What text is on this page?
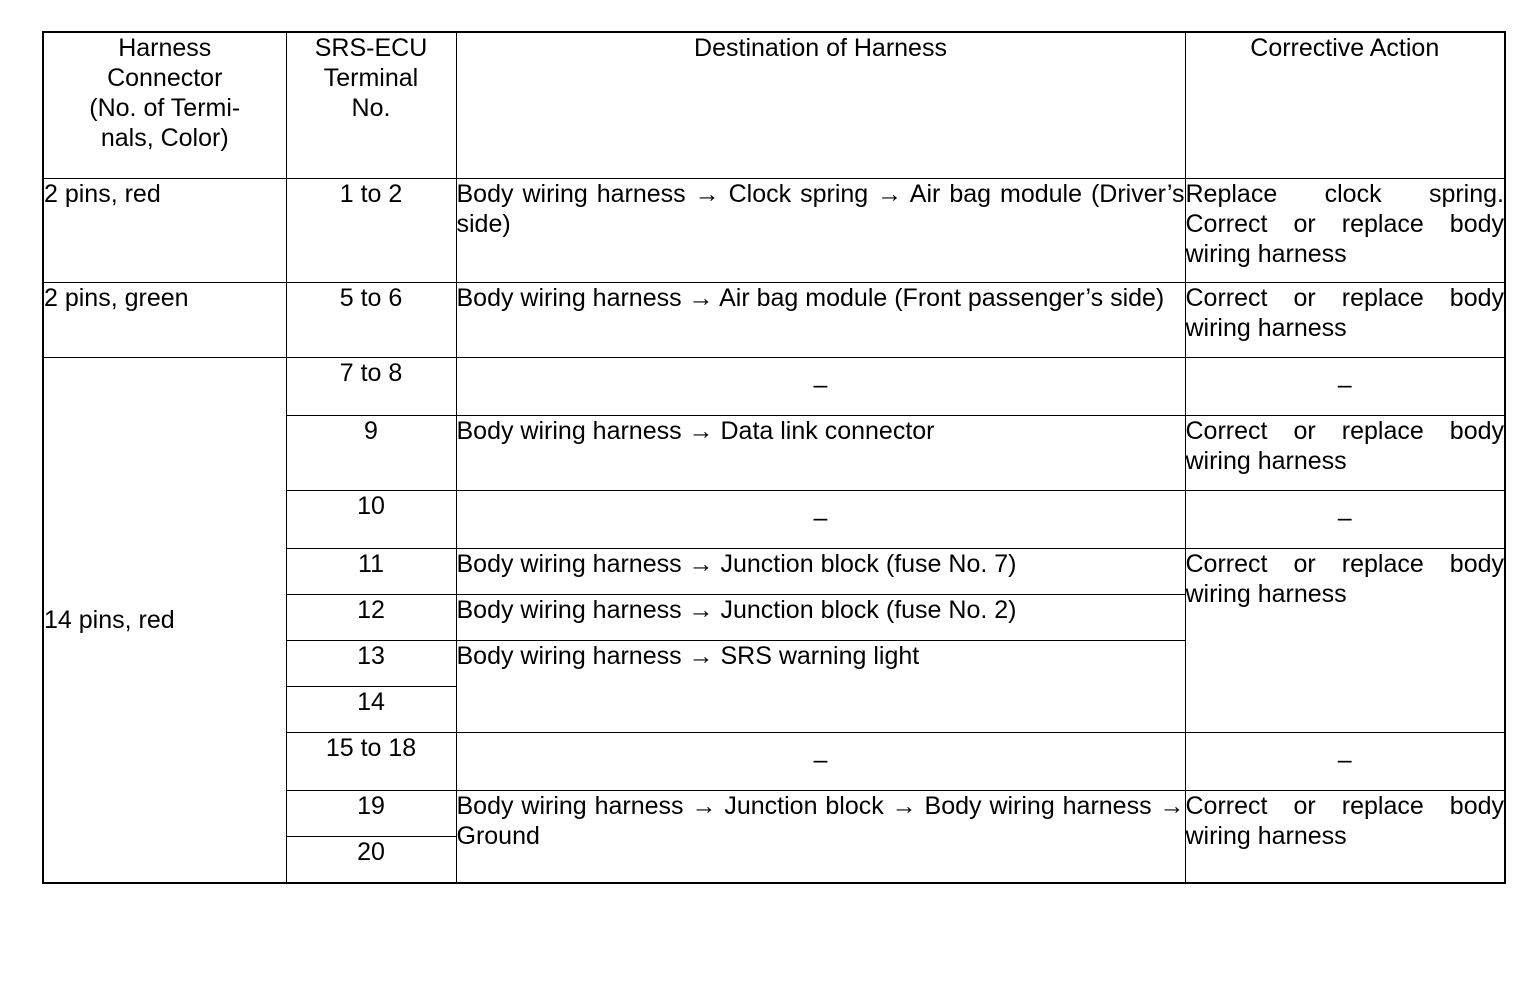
Harness
Connector
(No. of Termi-
nals, Color)	SRS-ECU
Terminal
No.	Destination of Harness	Corrective Action
2 pins, red	1 to 2	Body wiring harness → Clock spring → Air bag module (Driver’s side)	Replace clock spring. Correct or replace body wiring harness
2 pins, green	5 to 6	Body wiring harness → Air bag module (Front passenger’s side)	Correct or replace body wiring harness
14 pins, red	7 to 8	–	–
	9	Body wiring harness → Data link connector	Correct or replace body wiring harness
	10	–	–
	11	Body wiring harness → Junction block (fuse No. 7)	Correct or replace body wiring harness
	12	Body wiring harness → Junction block (fuse No. 2)	
	13	Body wiring harness → SRS warning light	
	14		
	15 to 18	–	–
	19	Body wiring harness → Junction block → Body wiring harness → Ground	Correct or replace body wiring harness
	20		
